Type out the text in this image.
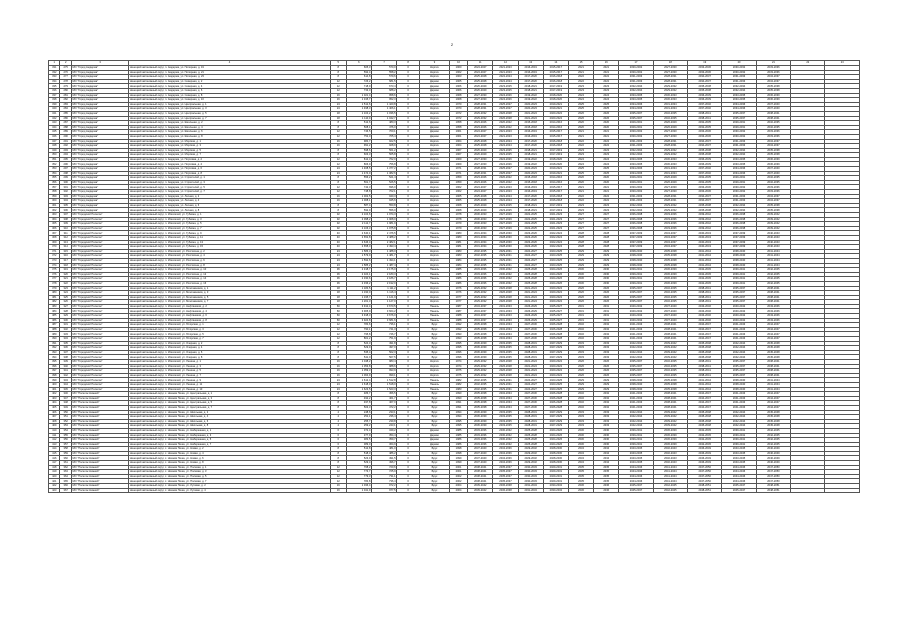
2
1	2	3	4	5	6	7	8	9	10	11	12	13	14	15	16	17	18	19	20	21	22	23
331	275	МО "Город Амдерма"	Ненецкий автономный округ, п. Амдерма, ул. Полярная, д. 19	8	605,3	570,0	0	Кирпич	1960	2024-2027	2021-2023	2016-2019	2015-2017	2021	2021	2030-2032	2027-2030	2033-2036	2030-2032	2033-2036		
332	276	МО "Город Амдерма"	Ненецкий автономный округ, п. Амдерма, ул. Полярная, д. 21	8	592,4	558,2	0	Кирпич	1962	2024-2027	2021-2023	2016-2019	2015-2017	2021	2021	2030-2032	2027-2030	2033-2036	2030-2032	2033-2036		
333	277	МО "Город Амдерма"	Ненецкий автономный округ, п. Амдерма, ул. Полярная, д. 23	8	614,8	579,6	0	Кирпич	1963	2025-2028	2022-2024	2017-2020	2016-2018	2022	2022	2031-2033	2028-2031	2034-2037	2031-2033	2034-2037		
334	278	МО "Город Амдерма"	Ненецкий автономный округ, п. Амдерма, ул. Северная, д. 2	12	726,2	681,5	0	Дерево	1965	2025-2028	2022-2024	2017-2020	2016-2018	2022	2022	2031-2033	2028-2031	2034-2037	2031-2033	2034-2037		
335	279	МО "Город Амдерма"	Ненецкий автономный округ, п. Амдерма, ул. Северная, д. 4	12	718,9	673,4	0	Дерево	1966	2026-2029	2023-2025	2018-2021	2017-2019	2023	2023	2032-2034	2029-2032	2035-2038	2032-2034	2035-2038		
336	280	МО "Город Амдерма"	Ненецкий автономный округ, п. Амдерма, ул. Северная, д. 6	12	733,0	688,2	0	Дерево	1966	2026-2029	2023-2025	2018-2021	2017-2019	2023	2023	2032-2034	2029-2032	2035-2038	2032-2034	2035-2038		
337	281	МО "Город Амдерма"	Ненецкий автономный округ, п. Амдерма, ул. Северная, д. 8	16	1 021,4	958,6	0	Кирпич	1968	2027-2030	2024-2026	2019-2022	2018-2020	2024	2024	2033-2035	2030-2033	2036-2039	2033-2035	2036-2039		
338	282	МО "Город Амдерма"	Ненецкий автономный округ, п. Амдерма, ул. Северная, д. 10	16	1 015,7	952,3	0	Кирпич	1968	2027-2030	2024-2026	2019-2022	2018-2020	2024	2024	2033-2035	2030-2033	2036-2039	2033-2035	2036-2039		
339	283	МО "Город Амдерма"	Ненецкий автономный округ, п. Амдерма, ул. Центральная, д. 1	24	1 512,6	1 420,8	0	Кирпич	1970	2028-2031	2025-2027	2020-2023	2019-2021	2025	2025	2034-2036	2031-2034	2037-2040	2034-2036	2037-2040		
340	284	МО "Город Амдерма"	Ненецкий автономный округ, п. Амдерма, ул. Центральная, д. 3	24	1 498,3	1 406,1	0	Кирпич	1970	2028-2031	2025-2027	2020-2023	2019-2021	2025	2025	2034-2036	2031-2034	2037-2040	2034-2036	2037-2040		
341	285	МО "Город Амдерма"	Ненецкий автономный округ, п. Амдерма, ул. Центральная, д. 5	18	1 104,2	1 036,5	0	Кирпич	1972	2029-2032	2026-2028	2021-2024	2020-2022	2026	2026	2035-2037	2032-2035	2038-2041	2035-2037	2038-2041		
342	286	МО "Город Амдерма"	Ненецкий автономный округ, п. Амдерма, ул. Центральная, д. 7	18	1 110,9	1 042,7	0	Кирпич	1972	2029-2032	2026-2028	2021-2024	2020-2022	2026	2026	2035-2037	2032-2035	2038-2041	2035-2037	2038-2041		
343	287	МО "Город Амдерма"	Ненецкий автономный округ, п. Амдерма, ул. Школьная, д. 2	8	512,6	480,3	0	Дерево	1958	2023-2026	2020-2022	2015-2018	2014-2016	2020	2020	2029-2031	2026-2029	2032-2035	2029-2031	2032-2035		
344	288	МО "Город Амдерма"	Ненецкий автономный округ, п. Амдерма, ул. Школьная, д. 4	8	508,1	476,0	0	Дерево	1958	2023-2026	2020-2022	2015-2018	2014-2016	2020	2020	2029-2031	2026-2029	2032-2035	2029-2031	2032-2035		
345	289	МО "Город Амдерма"	Ненецкий автономный округ, п. Амдерма, ул. Школьная, д. 6	12	746,5	700,1	0	Дерево	1961	2024-2027	2021-2023	2016-2019	2015-2017	2021	2021	2030-2032	2027-2030	2033-2036	2030-2032	2033-2036		
346	290	МО "Город Амдерма"	Ненецкий автономный округ, п. Амдерма, ул. Школьная, д. 8	12	752,0	705,4	0	Дерево	1961	2024-2027	2021-2023	2016-2019	2015-2017	2021	2021	2030-2032	2027-2030	2033-2036	2030-2032	2033-2036		
347	291	МО "Город Амдерма"	Ненецкий автономный округ, п. Амдерма, ул. Морская, д. 1	16	984,7	922,5	0	Кирпич	1964	2025-2028	2022-2024	2017-2020	2016-2018	2022	2022	2031-2033	2028-2031	2034-2037	2031-2033	2034-2037		
348	292	МО "Город Амдерма"	Ненецкий автономный округ, п. Амдерма, ул. Морская, д. 3	16	991,2	928,9	0	Кирпич	1964	2025-2028	2022-2024	2017-2020	2016-2018	2022	2022	2031-2033	2028-2031	2034-2037	2031-2033	2034-2037		
349	293	МО "Город Амдерма"	Ненецкий автономный округ, п. Амдерма, ул. Морская, д. 5	8	598,6	561,2	0	Дерево	1967	2026-2029	2023-2025	2018-2021	2017-2019	2023	2023	2032-2034	2029-2032	2035-2038	2032-2034	2035-2038		
350	294	МО "Город Амдерма"	Ненецкий автономный округ, п. Амдерма, ул. Морская, д. 7	8	603,3	565,8	0	Дерево	1967	2026-2029	2023-2025	2018-2021	2017-2019	2023	2023	2032-2034	2029-2032	2035-2038	2032-2034	2035-2038		
351	295	МО "Город Амдерма"	Ненецкий автономный округ, п. Амдерма, ул. Портовая, д. 2	12	812,4	762,0	0	Кирпич	1969	2027-2030	2024-2026	2019-2022	2018-2020	2024	2024	2033-2035	2030-2033	2036-2039	2033-2035	2036-2039		
352	296	МО "Город Амдерма"	Ненецкий автономный округ, п. Амдерма, ул. Портовая, д. 4	12	806,9	756,8	0	Кирпич	1969	2027-2030	2024-2026	2019-2022	2018-2020	2024	2024	2033-2035	2030-2033	2036-2039	2033-2035	2036-2039		
353	297	МО "Город Амдерма"	Ненецкий автономный округ, п. Амдерма, ул. Портовая, д. 6	24	1 468,5	1 377,2	0	Кирпич	1971	2028-2031	2025-2027	2020-2023	2019-2021	2025	2025	2034-2036	2031-2034	2037-2040	2034-2036	2037-2040		
354	298	МО "Город Амдерма"	Ненецкий автономный округ, п. Амдерма, ул. Портовая, д. 8	24	1 474,0	1 382,6	0	Кирпич	1971	2028-2031	2025-2027	2020-2023	2019-2021	2025	2025	2034-2036	2031-2034	2037-2040	2034-2036	2037-2040		
355	299	МО "Город Амдерма"	Ненецкий автономный округ, п. Амдерма, ул. Строителей, д. 1	8	556,2	521,4	0	Дерево	1959	2023-2026	2020-2022	2015-2018	2014-2016	2020	2020	2029-2031	2026-2029	2032-2035	2029-2031	2032-2035		
356	300	МО "Город Амдерма"	Ненецкий автономный округ, п. Амдерма, ул. Строителей, д. 3	8	561,7	526,5	0	Дерево	1959	2023-2026	2020-2022	2015-2018	2014-2016	2020	2020	2029-2031	2026-2029	2032-2035	2029-2031	2032-2035		
357	301	МО "Город Амдерма"	Ненецкий автономный округ, п. Амдерма, ул. Строителей, д. 5	12	742,3	696,0	0	Кирпич	1962	2024-2027	2021-2023	2016-2019	2015-2017	2021	2021	2030-2032	2027-2030	2033-2036	2030-2032	2033-2036		
358	302	МО "Город Амдерма"	Ненецкий автономный округ, п. Амдерма, ул. Строителей, д. 7	12	748,8	702,1	0	Кирпич	1962	2024-2027	2021-2023	2016-2019	2015-2017	2021	2021	2030-2032	2027-2030	2033-2036	2030-2032	2033-2036		
359	303	МО "Город Амдерма"	Ненецкий автономный округ, п. Амдерма, ул. Лесная, д. 2	16	1 002,5	940,3	0	Кирпич	1965	2025-2028	2022-2024	2017-2020	2016-2018	2022	2022	2031-2033	2028-2031	2034-2037	2031-2033	2034-2037		
360	304	МО "Город Амдерма"	Ненецкий автономный округ, п. Амдерма, ул. Лесная, д. 4	16	1 008,1	945,6	0	Кирпич	1965	2025-2028	2022-2024	2017-2020	2016-2018	2022	2022	2031-2033	2028-2031	2034-2037	2031-2033	2034-2037		
361	305	МО "Город Амдерма"	Ненецкий автономный округ, п. Амдерма, ул. Лесная, д. 6	8	587,4	550,8	0	Дерево	1968	2026-2029	2023-2025	2018-2021	2017-2019	2023	2023	2032-2034	2029-2032	2035-2038	2032-2034	2035-2038		
362	306	МО "Город Амдерма"	Ненецкий автономный округ, п. Амдерма, ул. Лесная, д. 8	8	592,9	556,0	0	Дерево	1968	2026-2029	2023-2025	2018-2021	2017-2019	2023	2023	2032-2034	2029-2032	2035-2038	2032-2034	2035-2038		
363	307	МО "Городской Поселок"	Ненецкий автономный округ, п. Искателей, ул. Губкина, д. 1	32	2 104,6	1 974,3	0	Панель	1978	2030-2033	2027-2029	2022-2025	2021-2023	2027	2027	2036-2038	2033-2036	2039-2042	2036-2038	2039-2042		
364	308	МО "Городской Поселок"	Ненецкий автономный округ, п. Искателей, ул. Губкина, д. 3	32	2 098,2	1 968,0	0	Панель	1978	2030-2033	2027-2029	2022-2025	2021-2023	2027	2027	2036-2038	2033-2036	2039-2042	2036-2038	2039-2042		
365	309	МО "Городской Поселок"	Ненецкий автономный округ, п. Искателей, ул. Губкина, д. 5	32	2 112,7	1 981,9	0	Панель	1979	2030-2033	2027-2029	2022-2025	2021-2023	2027	2027	2036-2038	2033-2036	2039-2042	2036-2038	2039-2042		
366	310	МО "Городской Поселок"	Ненецкий автономный округ, п. Искателей, ул. Губкина, д. 7	32	2 106,3	1 975,8	0	Панель	1979	2030-2033	2027-2029	2022-2025	2021-2023	2027	2027	2036-2038	2033-2036	2039-2042	2036-2038	2039-2042		
367	311	МО "Городской Поселок"	Ненецкий автономный округ, п. Искателей, ул. Губкина, д. 9	40	2 640,1	2 476,5	0	Панель	1980	2031-2034	2028-2030	2023-2026	2022-2024	2028	2028	2037-2039	2034-2037	2040-2043	2037-2039	2040-2043		
368	312	МО "Городской Поселок"	Ненецкий автономный округ, п. Искателей, ул. Губкина, д. 11	40	2 652,8	2 488,2	0	Панель	1980	2031-2034	2028-2030	2023-2026	2022-2024	2028	2028	2037-2039	2034-2037	2040-2043	2037-2039	2040-2043		
369	313	МО "Городской Поселок"	Ненецкий автономный округ, п. Искателей, ул. Губкина, д. 13	40	2 646,4	2 482,1	0	Панель	1981	2031-2034	2028-2030	2023-2026	2022-2024	2028	2028	2037-2039	2034-2037	2040-2043	2037-2039	2040-2043		
370	314	МО "Городской Поселок"	Ненецкий автономный округ, п. Искателей, ул. Губкина, д. 15	40	2 658,0	2 493,4	0	Панель	1981	2031-2034	2028-2030	2023-2026	2022-2024	2028	2028	2037-2039	2034-2037	2040-2043	2037-2039	2040-2043		
371	315	МО "Городской Поселок"	Ненецкий автономный округ, п. Искателей, ул. Россихина, д. 2	24	1 586,3	1 488,0	0	Кирпич	1983	2032-2035	2029-2031	2024-2027	2023-2025	2029	2029	2038-2040	2035-2038	2041-2044	2038-2040	2041-2044		
372	316	МО "Городской Поселок"	Ненецкий автономный округ, п. Искателей, ул. Россихина, д. 4	24	1 579,9	1 481,7	0	Кирпич	1983	2032-2035	2029-2031	2024-2027	2023-2025	2029	2029	2038-2040	2035-2038	2041-2044	2038-2040	2041-2044		
373	317	МО "Городской Поселок"	Ненецкий автономный округ, п. Искателей, ул. Россихина, д. 6	24	1 592,6	1 494,1	0	Кирпич	1984	2032-2035	2029-2031	2024-2027	2023-2025	2029	2029	2038-2040	2035-2038	2041-2044	2038-2040	2041-2044		
374	318	МО "Городской Поселок"	Ненецкий автономный округ, п. Искателей, ул. Россихина, д. 8	24	1 585,2	1 487,4	0	Кирпич	1984	2032-2035	2029-2031	2024-2027	2023-2025	2029	2029	2038-2040	2035-2038	2041-2044	2038-2040	2041-2044		
375	319	МО "Городской Поселок"	Ненецкий автономный округ, п. Искателей, ул. Россихина, д. 10	36	2 318,7	2 175,0	0	Панель	1985	2033-2036	2030-2032	2025-2028	2024-2026	2030	2030	2039-2041	2036-2039	2042-2045	2039-2041	2042-2045		
376	320	МО "Городской Поселок"	Ненецкий автономный округ, п. Искателей, ул. Россихина, д. 12	36	2 324,1	2 180,3	0	Панель	1985	2033-2036	2030-2032	2025-2028	2024-2026	2030	2030	2039-2041	2036-2039	2042-2045	2039-2041	2042-2045		
377	321	МО "Городской Поселок"	Ненецкий автономный округ, п. Искателей, ул. Россихина, д. 14	36	2 330,6	2 186,7	0	Панель	1986	2033-2036	2030-2032	2025-2028	2024-2026	2030	2030	2039-2041	2036-2039	2042-2045	2039-2041	2042-2045		
378	322	МО "Городской Поселок"	Ненецкий автономный округ, п. Искателей, ул. Россихина, д. 16	36	2 336,2	2 192,0	0	Панель	1986	2033-2036	2030-2032	2025-2028	2024-2026	2030	2030	2039-2041	2036-2039	2042-2045	2039-2041	2042-2045		
379	323	МО "Городской Поселок"	Ненецкий автономный округ, п. Искателей, ул. Монтажников, д. 1	18	1 184,5	1 111,2	0	Кирпич	1976	2029-2032	2026-2028	2021-2024	2020-2022	2026	2026	2035-2037	2032-2035	2038-2041	2035-2037	2038-2041		
380	324	МО "Городской Поселок"	Ненецкий автономный округ, п. Искателей, ул. Монтажников, д. 3	18	1 190,0	1 116,4	0	Кирпич	1976	2029-2032	2026-2028	2021-2024	2020-2022	2026	2026	2035-2037	2032-2035	2038-2041	2035-2037	2038-2041		
381	325	МО "Городской Поселок"	Ненецкий автономный округ, п. Искателей, ул. Монтажников, д. 5	18	1 195,7	1 121,9	0	Кирпич	1977	2029-2032	2026-2028	2021-2024	2020-2022	2026	2026	2035-2037	2032-2035	2038-2041	2035-2037	2038-2041		
382	326	МО "Городской Поселок"	Ненецкий автономный округ, п. Искателей, ул. Монтажников, д. 7	18	1 201,3	1 127,0	0	Кирпич	1977	2029-2032	2026-2028	2021-2024	2020-2022	2026	2026	2035-2037	2032-2035	2038-2041	2035-2037	2038-2041		
383	327	МО "Городской Поселок"	Ненецкий автономный округ, п. Искателей, ул. Нефтяников, д. 2	60	3 912,4	3 670,5	0	Панель	1987	2034-2037	2031-2033	2026-2029	2025-2027	2031	2031	2040-2042	2037-2040	2043-2046	2040-2042	2043-2046		
384	328	МО "Городской Поселок"	Ненецкий автономный округ, п. Искателей, ул. Нефтяников, д. 4	60	3 905,9	3 664,2	0	Панель	1987	2034-2037	2031-2033	2026-2029	2025-2027	2031	2031	2040-2042	2037-2040	2043-2046	2040-2042	2043-2046		
385	329	МО "Городской Поселок"	Ненецкий автономный округ, п. Искателей, ул. Нефтяников, д. 6	60	3 918,3	3 676,0	0	Панель	1988	2034-2037	2031-2033	2026-2029	2025-2027	2031	2031	2040-2042	2037-2040	2043-2046	2040-2042	2043-2046		
386	330	МО "Городской Поселок"	Ненецкий автономный округ, п. Искателей, ул. Нефтяников, д. 8	60	3 924,8	3 681,6	0	Панель	1988	2034-2037	2031-2033	2026-2029	2025-2027	2031	2031	2040-2042	2037-2040	2043-2046	2040-2042	2043-2046		
387	331	МО "Городской Поселок"	Ненецкий автономный округ, п. Искателей, ул. Югорская, д. 1	12	784,6	736,1	0	Брус	1992	2035-2038	2032-2034	2027-2030	2026-2028	2032	2032	2041-2043	2038-2041	2044-2047	2041-2043	2044-2047		
388	332	МО "Городской Поселок"	Ненецкий автономный округ, п. Искателей, ул. Югорская, д. 3	12	790,1	741,3	0	Брус	1992	2035-2038	2032-2034	2027-2030	2026-2028	2032	2032	2041-2043	2038-2041	2044-2047	2041-2043	2044-2047		
389	333	МО "Городской Поселок"	Ненецкий автономный округ, п. Искателей, ул. Югорская, д. 5	12	795,8	746,7	0	Брус	1993	2035-2038	2032-2034	2027-2030	2026-2028	2032	2032	2041-2043	2038-2041	2044-2047	2041-2043	2044-2047		
390	334	МО "Городской Поселок"	Ненецкий автономный округ, п. Искателей, ул. Югорская, д. 7	12	801,2	751,9	0	Брус	1993	2035-2038	2032-2034	2027-2030	2026-2028	2032	2032	2041-2043	2038-2041	2044-2047	2041-2043	2044-2047		
391	335	МО "Городской Поселок"	Ненецкий автономный округ, п. Искателей, ул. Озерная, д. 2	8	524,3	491,8	0	Брус	1995	2036-2039	2033-2035	2028-2031	2027-2029	2033	2033	2042-2044	2039-2042	2045-2048	2042-2044	2045-2048		
392	336	МО "Городской Поселок"	Ненецкий автономный округ, п. Искателей, ул. Озерная, д. 4	8	529,9	497,0	0	Брус	1995	2036-2039	2033-2035	2028-2031	2027-2029	2033	2033	2042-2044	2039-2042	2045-2048	2042-2044	2045-2048		
393	337	МО "Городской Поселок"	Ненецкий автономный округ, п. Искателей, ул. Озерная, д. 6	8	535,4	502,3	0	Брус	1996	2036-2039	2033-2035	2028-2031	2027-2029	2033	2033	2042-2044	2039-2042	2045-2048	2042-2044	2045-2048		
394	338	МО "Городской Поселок"	Ненецкий автономный округ, п. Искателей, ул. Озерная, д. 8	8	541,0	507,5	0	Брус	1996	2036-2039	2033-2035	2028-2031	2027-2029	2033	2033	2042-2044	2039-2042	2045-2048	2042-2044	2045-2048		
395	339	МО "Городской Поселок"	Ненецкий автономный округ, п. Искателей, ул. Ленина, д. 1	16	1 048,2	983,4	0	Кирпич	1974	2029-2032	2026-2028	2021-2024	2020-2022	2026	2026	2035-2037	2032-2035	2038-2041	2035-2037	2038-2041		
396	340	МО "Городской Поселок"	Ненецкий автономный округ, п. Искателей, ул. Ленина, д. 3	16	1 053,8	988,6	0	Кирпич	1974	2029-2032	2026-2028	2021-2024	2020-2022	2026	2026	2035-2037	2032-2035	2038-2041	2035-2037	2038-2041		
397	341	МО "Городской Поселок"	Ненецкий автономный округ, п. Искателей, ул. Ленина, д. 5	16	1 059,3	993,9	0	Кирпич	1975	2029-2032	2026-2028	2021-2024	2020-2022	2026	2026	2035-2037	2032-2035	2038-2041	2035-2037	2038-2041		
398	342	МО "Городской Поселок"	Ненецкий автономный округ, п. Искателей, ул. Ленина, д. 7	16	1 064,9	999,1	0	Кирпич	1975	2029-2032	2026-2028	2021-2024	2020-2022	2026	2026	2035-2037	2032-2035	2038-2041	2035-2037	2038-2041		
399	343	МО "Городской Поселок"	Ненецкий автономный округ, п. Искателей, ул. Ленина, д. 9	24	1 612,4	1 512,8	0	Панель	1982	2032-2035	2029-2031	2024-2027	2023-2025	2029	2029	2038-2040	2035-2038	2041-2044	2038-2040	2041-2044		
400	344	МО "Городской Поселок"	Ненецкий автономный округ, п. Искателей, ул. Ленина, д. 11	24	1 618,0	1 518,0	0	Панель	1982	2032-2035	2029-2031	2024-2027	2023-2025	2029	2029	2038-2040	2035-2038	2041-2044	2038-2040	2041-2044		
401	345	МО "Городской Поселок"	Ненецкий автономный округ, п. Искателей, ул. Ленина, д. 13	24	1 623,5	1 523,3	0	Панель	1983	2032-2035	2029-2031	2024-2027	2023-2025	2029	2029	2038-2040	2035-2038	2041-2044	2038-2040	2041-2044		
402	346	МО "Поселок Нижний"	Ненецкий автономный округ, с. Нижняя Пеша, ул. Центральная, д. 1	8	486,7	456,5	0	Брус	1990	2035-2038	2032-2034	2027-2030	2026-2028	2032	2032	2041-2043	2038-2041	2044-2047	2041-2043	2044-2047		
403	347	МО "Поселок Нижний"	Ненецкий автономный округ, с. Нижняя Пеша, ул. Центральная, д. 3	8	492,2	461,7	0	Брус	1990	2035-2038	2032-2034	2027-2030	2026-2028	2032	2032	2041-2043	2038-2041	2044-2047	2041-2043	2044-2047		
404	348	МО "Поселок Нижний"	Ненецкий автономный округ, с. Нижняя Пеша, ул. Центральная, д. 5	8	497,8	467,0	0	Брус	1991	2035-2038	2032-2034	2027-2030	2026-2028	2032	2032	2041-2043	2038-2041	2044-2047	2041-2043	2044-2047		
405	349	МО "Поселок Нижний"	Ненецкий автономный округ, с. Нижняя Пеша, ул. Центральная, д. 7	8	503,3	472,2	0	Брус	1991	2035-2038	2032-2034	2027-2030	2026-2028	2032	2032	2041-2043	2038-2041	2044-2047	2041-2043	2044-2047		
406	350	МО "Поселок Нижний"	Ненецкий автономный округ, с. Нижняя Пеша, ул. Школьная, д. 2	4	248,6	233,1	0	Брус	1994	2036-2039	2033-2035	2028-2031	2027-2029	2033	2033	2042-2044	2039-2042	2045-2048	2042-2044	2045-2048		
407	351	МО "Поселок Нижний"	Ненецкий автономный округ, с. Нижняя Пеша, ул. Школьная, д. 4	4	252,1	236,4	0	Брус	1994	2036-2039	2033-2035	2028-2031	2027-2029	2033	2033	2042-2044	2039-2042	2045-2048	2042-2044	2045-2048		
408	352	МО "Поселок Нижний"	Ненецкий автономный округ, с. Нижняя Пеша, ул. Школьная, д. 6	4	255,7	239,8	0	Брус	1995	2036-2039	2033-2035	2028-2031	2027-2029	2033	2033	2042-2044	2039-2042	2045-2048	2042-2044	2045-2048		
409	353	МО "Поселок Нижний"	Ненецкий автономный округ, с. Нижняя Пеша, ул. Школьная, д. 8	4	259,2	243,1	0	Брус	1995	2036-2039	2033-2035	2028-2031	2027-2029	2033	2033	2042-2044	2039-2042	2045-2048	2042-2044	2045-2048		
410	354	МО "Поселок Нижний"	Ненецкий автономный округ, с. Нижняя Пеша, ул. Набережная, д. 1	6	372,4	349,2	0	Дерево	1985	2033-2036	2030-2032	2025-2028	2024-2026	2030	2030	2039-2041	2036-2039	2042-2045	2039-2041	2042-2045		
411	355	МО "Поселок Нижний"	Ненецкий автономный округ, с. Нижняя Пеша, ул. Набережная, д. 3	6	377,9	354,4	0	Дерево	1985	2033-2036	2030-2032	2025-2028	2024-2026	2030	2030	2039-2041	2036-2039	2042-2045	2039-2041	2042-2045		
412	356	МО "Поселок Нижний"	Ненецкий автономный округ, с. Нижняя Пеша, ул. Набережная, д. 5	6	383,5	359,7	0	Дерево	1986	2033-2036	2030-2032	2025-2028	2024-2026	2030	2030	2039-2041	2036-2039	2042-2045	2039-2041	2042-2045		
413	357	МО "Поселок Нижний"	Ненецкий автономный округ, с. Нижняя Пеша, ул. Набережная, д. 7	6	389,0	364,9	0	Дерево	1986	2033-2036	2030-2032	2025-2028	2024-2026	2030	2030	2039-2041	2036-2039	2042-2045	2039-2041	2042-2045		
414	358	МО "Поселок Нижний"	Ненецкий автономный округ, с. Нижняя Пеша, ул. Новая, д. 2	8	512,8	481,0	0	Брус	1998	2037-2040	2034-2036	2029-2032	2028-2030	2034	2034	2043-2045	2040-2043	2046-2049	2043-2045	2046-2049		
415	359	МО "Поселок Нижний"	Ненецкий автономный округ, с. Нижняя Пеша, ул. Новая, д. 4	8	518,3	486,2	0	Брус	1998	2037-2040	2034-2036	2029-2032	2028-2030	2034	2034	2043-2045	2040-2043	2046-2049	2043-2045	2046-2049		
416	360	МО "Поселок Нижний"	Ненецкий автономный округ, с. Нижняя Пеша, ул. Новая, д. 6	8	523,9	491,5	0	Брус	1999	2037-2040	2034-2036	2029-2032	2028-2030	2034	2034	2043-2045	2040-2043	2046-2049	2043-2045	2046-2049		
417	361	МО "Поселок Нижний"	Ненецкий автономный округ, с. Нижняя Пеша, ул. Новая, д. 8	8	529,4	496,7	0	Брус	1999	2037-2040	2034-2036	2029-2032	2028-2030	2034	2034	2043-2045	2040-2043	2046-2049	2043-2045	2046-2049		
418	362	МО "Поселок Нижний"	Ненецкий автономный округ, с. Нижняя Пеша, ул. Полевая, д. 1	12	768,2	720,6	0	Брус	2001	2038-2041	2035-2037	2030-2033	2029-2031	2035	2035	2044-2046	2041-2044	2047-2050	2044-2046	2047-2050		
419	363	МО "Поселок Нижний"	Ненецкий автономный округ, с. Нижняя Пеша, ул. Полевая, д. 3	12	773,7	725,9	0	Брус	2001	2038-2041	2035-2037	2030-2033	2029-2031	2035	2035	2044-2046	2041-2044	2047-2050	2044-2046	2047-2050		
420	364	МО "Поселок Нижний"	Ненецкий автономный округ, с. Нижняя Пеша, ул. Полевая, д. 5	12	779,3	731,1	0	Брус	2002	2038-2041	2035-2037	2030-2033	2029-2031	2035	2035	2044-2046	2041-2044	2047-2050	2044-2046	2047-2050		
421	365	МО "Поселок Нижний"	Ненецкий автономный округ, с. Нижняя Пеша, ул. Полевая, д. 7	12	784,8	736,4	0	Брус	2002	2038-2041	2035-2037	2030-2033	2029-2031	2035	2035	2044-2046	2041-2044	2047-2050	2044-2046	2047-2050		
422	366	МО "Поселок Нижний"	Ненецкий автономный округ, с. Нижняя Пеша, ул. Луговая, д. 2	16	1 036,4	972,2	0	Брус	2004	2039-2042	2036-2038	2031-2034	2030-2032	2036	2036	2045-2047	2042-2045	2048-2051	2045-2047	2048-2051		
423	367	МО "Поселок Нижний"	Ненецкий автономный округ, с. Нижняя Пеша, ул. Луговая, д. 4	16	1 041,9	977,5	0	Брус	2004	2039-2042	2036-2038	2031-2034	2030-2032	2036	2036	2045-2047	2042-2045	2048-2051	2045-2047	2048-2051		
